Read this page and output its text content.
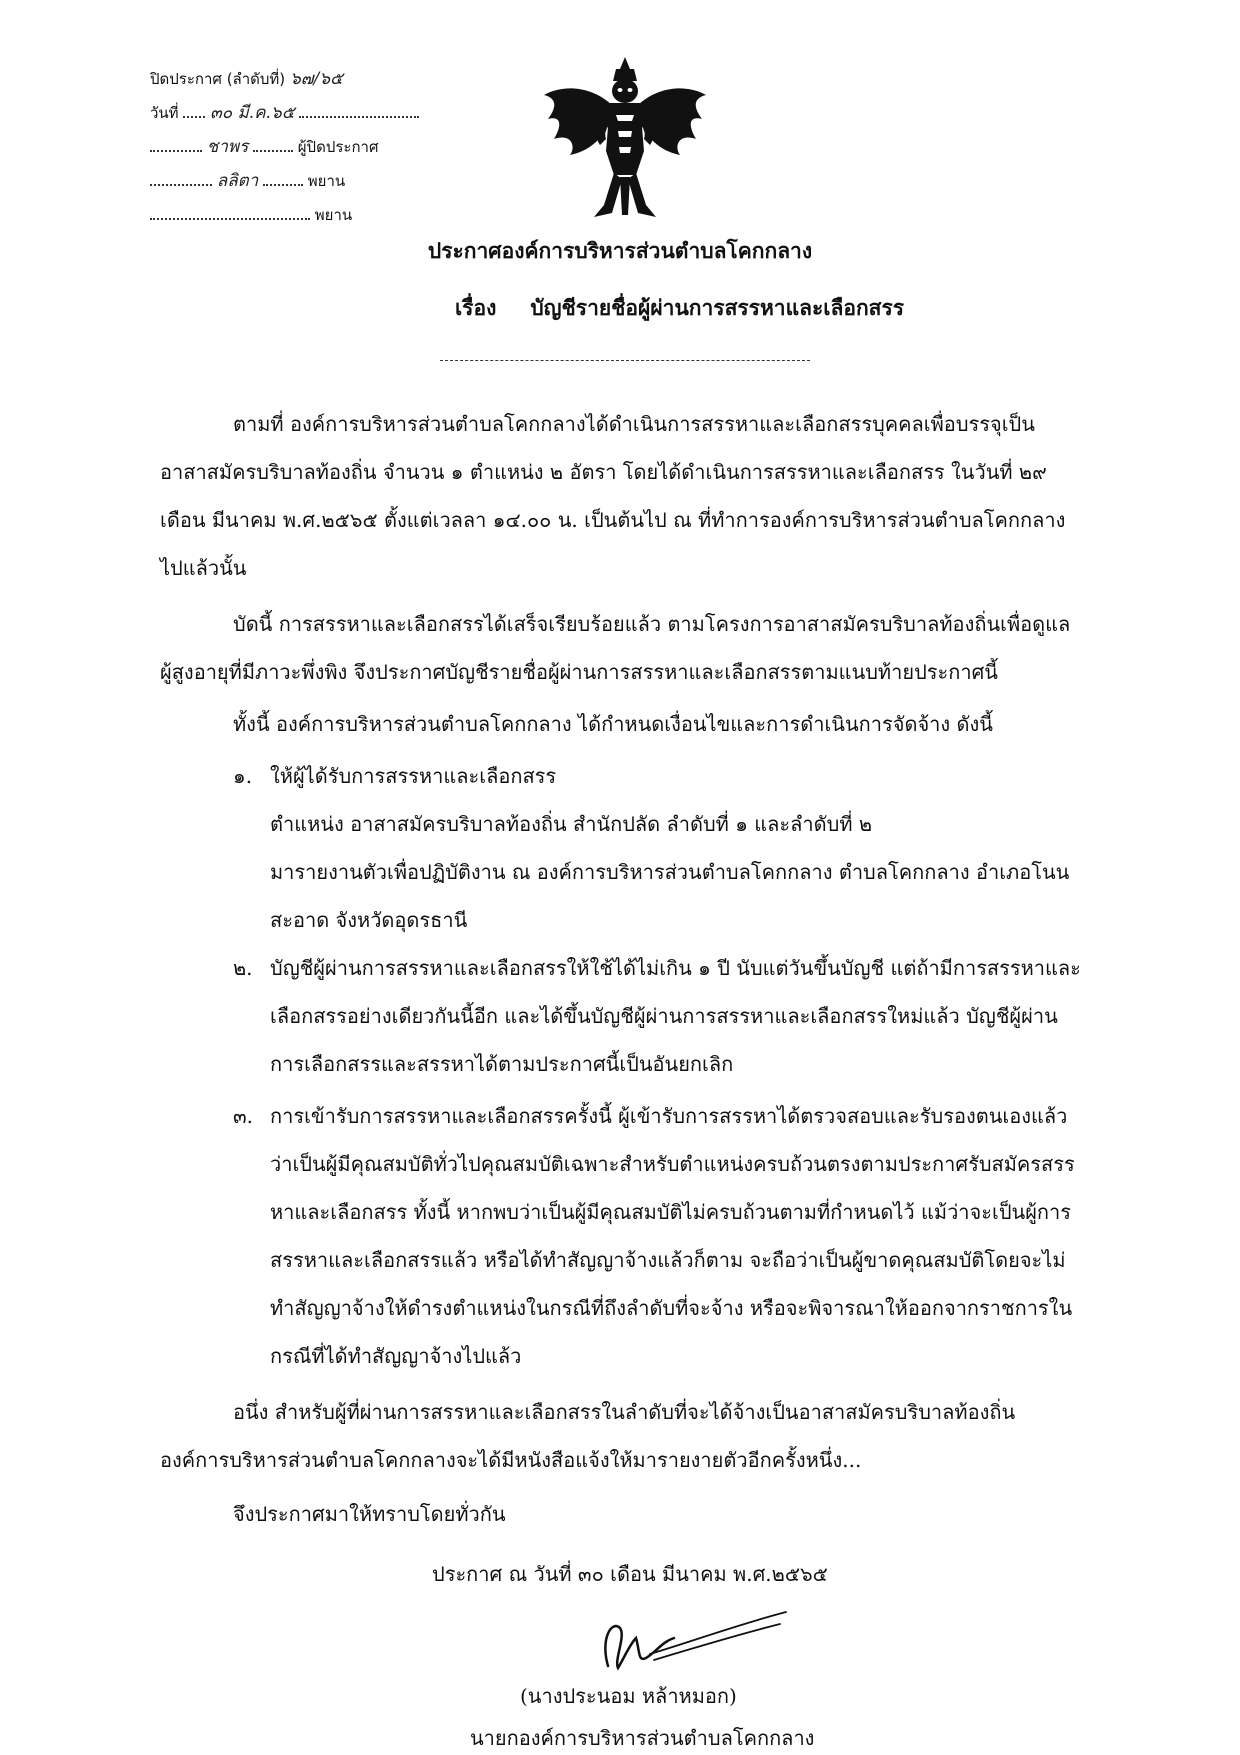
ปิดประกาศ (ลำดับที่) ๖๗/๖๕
วันที่ ๓๐ มี.ค.๖๕
ชาพร	ผู้ปิดประกาศ
ลลิตา	พยาน
พยาน
ประกาศองค์การบริหารส่วนตำบลโคกกลาง
เรื่อง บัญชีรายชื่อผู้ผ่านการสรรหาและเลือกสรร
ตามที่ องค์การบริหารส่วนตำบลโคกกลางได้ดำเนินการสรรหาและเลือกสรรบุคคลเพื่อบรรจุเป็น
อาสาสมัครบริบาลท้องถิ่น จำนวน ๑ ตำแหน่ง ๒ อัตรา โดยได้ดำเนินการสรรหาและเลือกสรร ในวันที่ ๒๙
เดือน มีนาคม พ.ศ.๒๕๖๕ ตั้งแต่เวลลา ๑๔.๐๐ น. เป็นต้นไป ณ ที่ทำการองค์การบริหารส่วนตำบลโคกกลาง
ไปแล้วนั้น
บัดนี้ การสรรหาและเลือกสรรได้เสร็จเรียบร้อยแล้ว ตามโครงการอาสาสมัครบริบาลท้องถิ่นเพื่อดูแล
ผู้สูงอายุที่มีภาวะพึ่งพิง จึงประกาศบัญชีรายชื่อผู้ผ่านการสรรหาและเลือกสรรตามแนบท้ายประกาศนี้
ทั้งนี้ องค์การบริหารส่วนตำบลโคกกลาง ได้กำหนดเงื่อนไขและการดำเนินการจัดจ้าง ดังนี้
๑. ให้ผู้ได้รับการสรรหาและเลือกสรร
ตำแหน่ง อาสาสมัครบริบาลท้องถิ่น สำนักปลัด ลำดับที่ ๑ และลำดับที่ ๒
มารายงานตัวเพื่อปฏิบัติงาน ณ องค์การบริหารส่วนตำบลโคกกลาง ตำบลโคกกลาง อำเภอโนน
สะอาด จังหวัดอุดรธานี
๒. บัญชีผู้ผ่านการสรรหาและเลือกสรรให้ใช้ได้ไม่เกิน ๑ ปี นับแต่วันขึ้นบัญชี แต่ถ้ามีการสรรหาและ
เลือกสรรอย่างเดียวกันนี้อีก และได้ขึ้นบัญชีผู้ผ่านการสรรหาและเลือกสรรใหม่แล้ว บัญชีผู้ผ่าน
การเลือกสรรและสรรหาได้ตามประกาศนี้เป็นอันยกเลิก
๓. การเข้ารับการสรรหาและเลือกสรรครั้งนี้ ผู้เข้ารับการสรรหาได้ตรวจสอบและรับรองตนเองแล้ว
ว่าเป็นผู้มีคุณสมบัติทั่วไปคุณสมบัติเฉพาะสำหรับตำแหน่งครบถ้วนตรงตามประกาศรับสมัครสรร
หาและเลือกสรร ทั้งนี้ หากพบว่าเป็นผู้มีคุณสมบัติไม่ครบถ้วนตามที่กำหนดไว้ แม้ว่าจะเป็นผู้การ
สรรหาและเลือกสรรแล้ว หรือได้ทำสัญญาจ้างแล้วก็ตาม จะถือว่าเป็นผู้ขาดคุณสมบัติโดยจะไม่
ทำสัญญาจ้างให้ดำรงตำแหน่งในกรณีที่ถึงลำดับที่จะจ้าง หรือจะพิจารณาให้ออกจากราชการใน
กรณีที่ได้ทำสัญญาจ้างไปแล้ว
อนึ่ง สำหรับผู้ที่ผ่านการสรรหาและเลือกสรรในลำดับที่จะได้จ้างเป็นอาสาสมัครบริบาลท้องถิ่น
องค์การบริหารส่วนตำบลโคกกลางจะได้มีหนังสือแจ้งให้มารายงายตัวอีกครั้งหนึ่ง...
จึงประกาศมาให้ทราบโดยทั่วกัน
ประกาศ ณ วันที่ ๓๐ เดือน มีนาคม พ.ศ.๒๕๖๕
(นางประนอม หล้าหมอก)
นายกองค์การบริหารส่วนตำบลโคกกลาง
